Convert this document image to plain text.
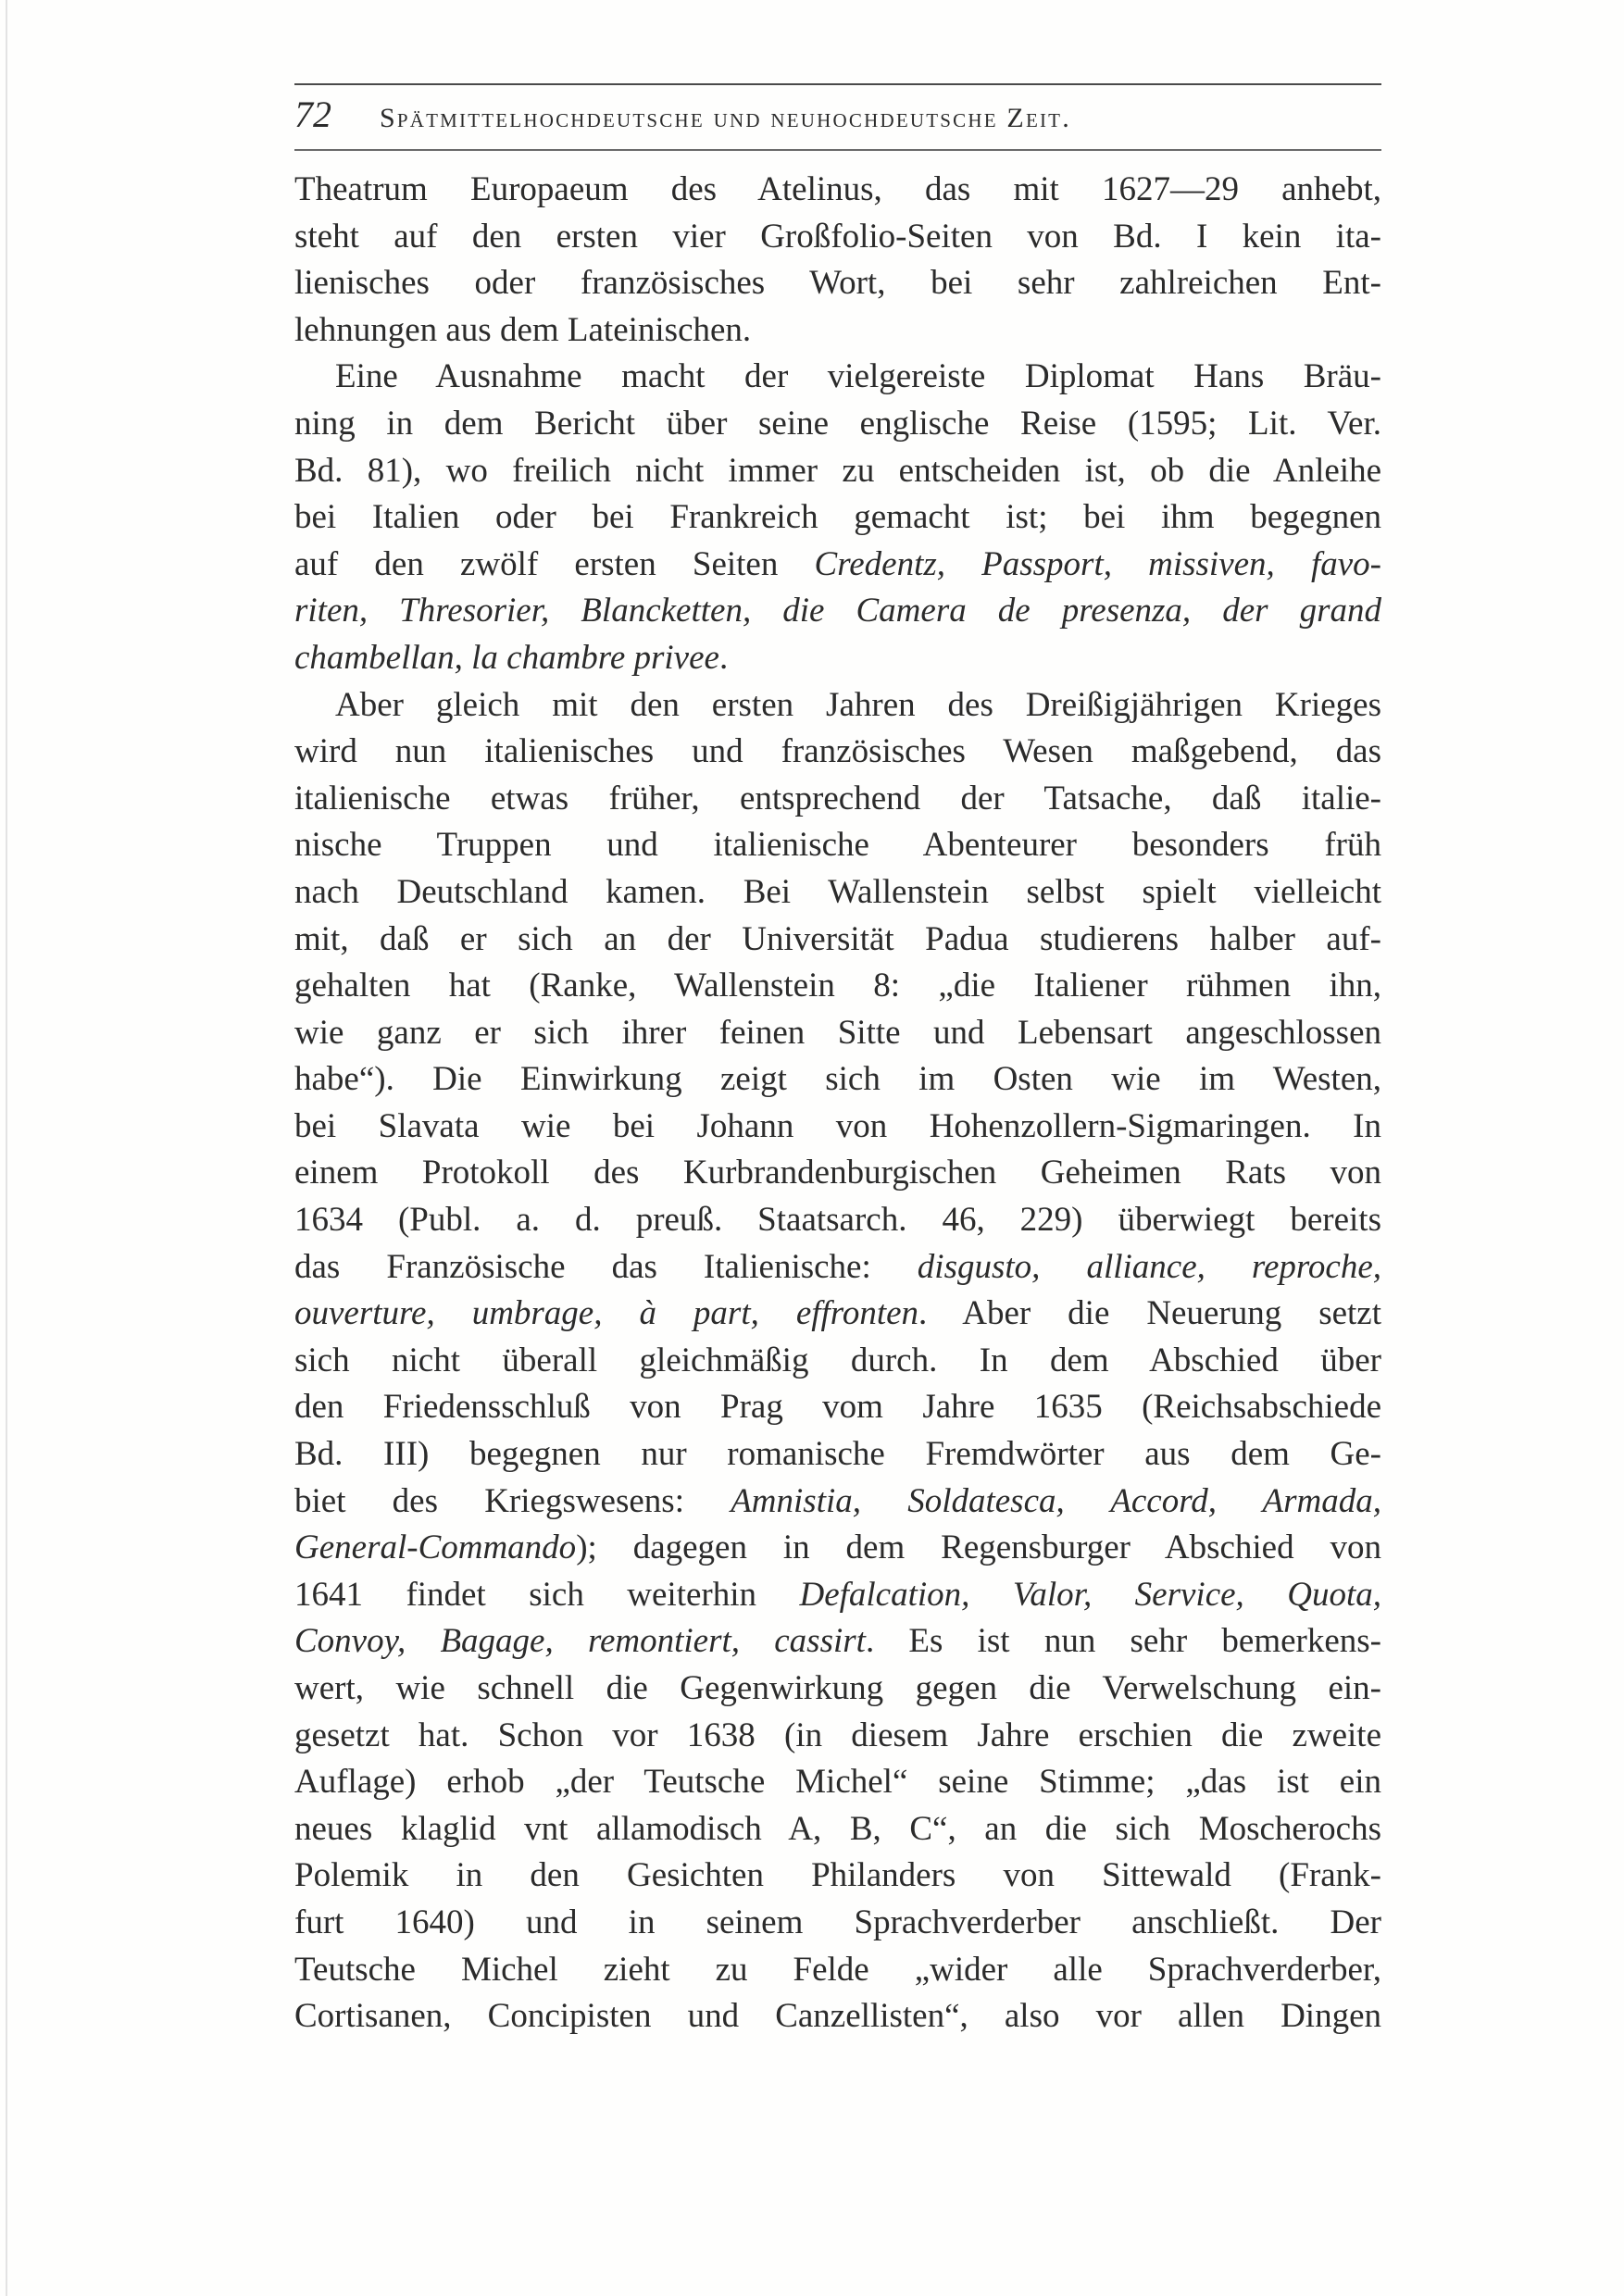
72	Spätmittelhochdeutsche und neuhochdeutsche Zeit.
Theatrum Europaeum des Atelinus, das mit 1627—29 anhebt,
steht auf den ersten vier Großfolio-Seiten von Bd. I kein ita-
lienisches oder französisches Wort, bei sehr zahlreichen Ent-
lehnungen aus dem Lateinischen.
Eine Ausnahme macht der vielgereiste Diplomat Hans Bräu-
ning in dem Bericht über seine englische Reise (1595; Lit. Ver.
Bd. 81), wo freilich nicht immer zu entscheiden ist, ob die Anleihe
bei Italien oder bei Frankreich gemacht ist; bei ihm begegnen
auf den zwölf ersten Seiten Credentz, Passport, missiven, favo-
riten, Thresorier, Blancketten, die Camera de presenza, der grand
chambellan, la chambre privee.
Aber gleich mit den ersten Jahren des Dreißigjährigen Krieges
wird nun italienisches und französisches Wesen maßgebend, das
italienische etwas früher, entsprechend der Tatsache, daß italie-
nische Truppen und italienische Abenteurer besonders früh
nach Deutschland kamen. Bei Wallenstein selbst spielt vielleicht
mit, daß er sich an der Universität Padua studierens halber auf-
gehalten hat (Ranke, Wallenstein 8: „die Italiener rühmen ihn,
wie ganz er sich ihrer feinen Sitte und Lebensart angeschlossen
habe“). Die Einwirkung zeigt sich im Osten wie im Westen,
bei Slavata wie bei Johann von Hohenzollern-Sigmaringen. In
einem Protokoll des Kurbrandenburgischen Geheimen Rats von
1634 (Publ. a. d. preuß. Staatsarch. 46, 229) überwiegt bereits
das Französische das Italienische: disgusto, alliance, reproche,
ouverture, umbrage, à part, effronten. Aber die Neuerung setzt
sich nicht überall gleichmäßig durch. In dem Abschied über
den Friedensschluß von Prag vom Jahre 1635 (Reichsabschiede
Bd. III) begegnen nur romanische Fremdwörter aus dem Ge-
biet des Kriegswesens: Amnistia, Soldatesca, Accord, Armada,
General-Commando); dagegen in dem Regensburger Abschied von
1641 findet sich weiterhin Defalcation, Valor, Service, Quota,
Convoy, Bagage, remontiert, cassirt. Es ist nun sehr bemerkens-
wert, wie schnell die Gegenwirkung gegen die Verwelschung ein-
gesetzt hat. Schon vor 1638 (in diesem Jahre erschien die zweite
Auflage) erhob „der Teutsche Michel“ seine Stimme; „das ist ein
neues klaglid vnt allamodisch A, B, C“, an die sich Moscherochs
Polemik in den Gesichten Philanders von Sittewald (Frank-
furt 1640) und in seinem Sprachverderber anschließt. Der
Teutsche Michel zieht zu Felde „wider alle Sprachverderber,
Cortisanen, Concipisten und Canzellisten“, also vor allen Dingen
